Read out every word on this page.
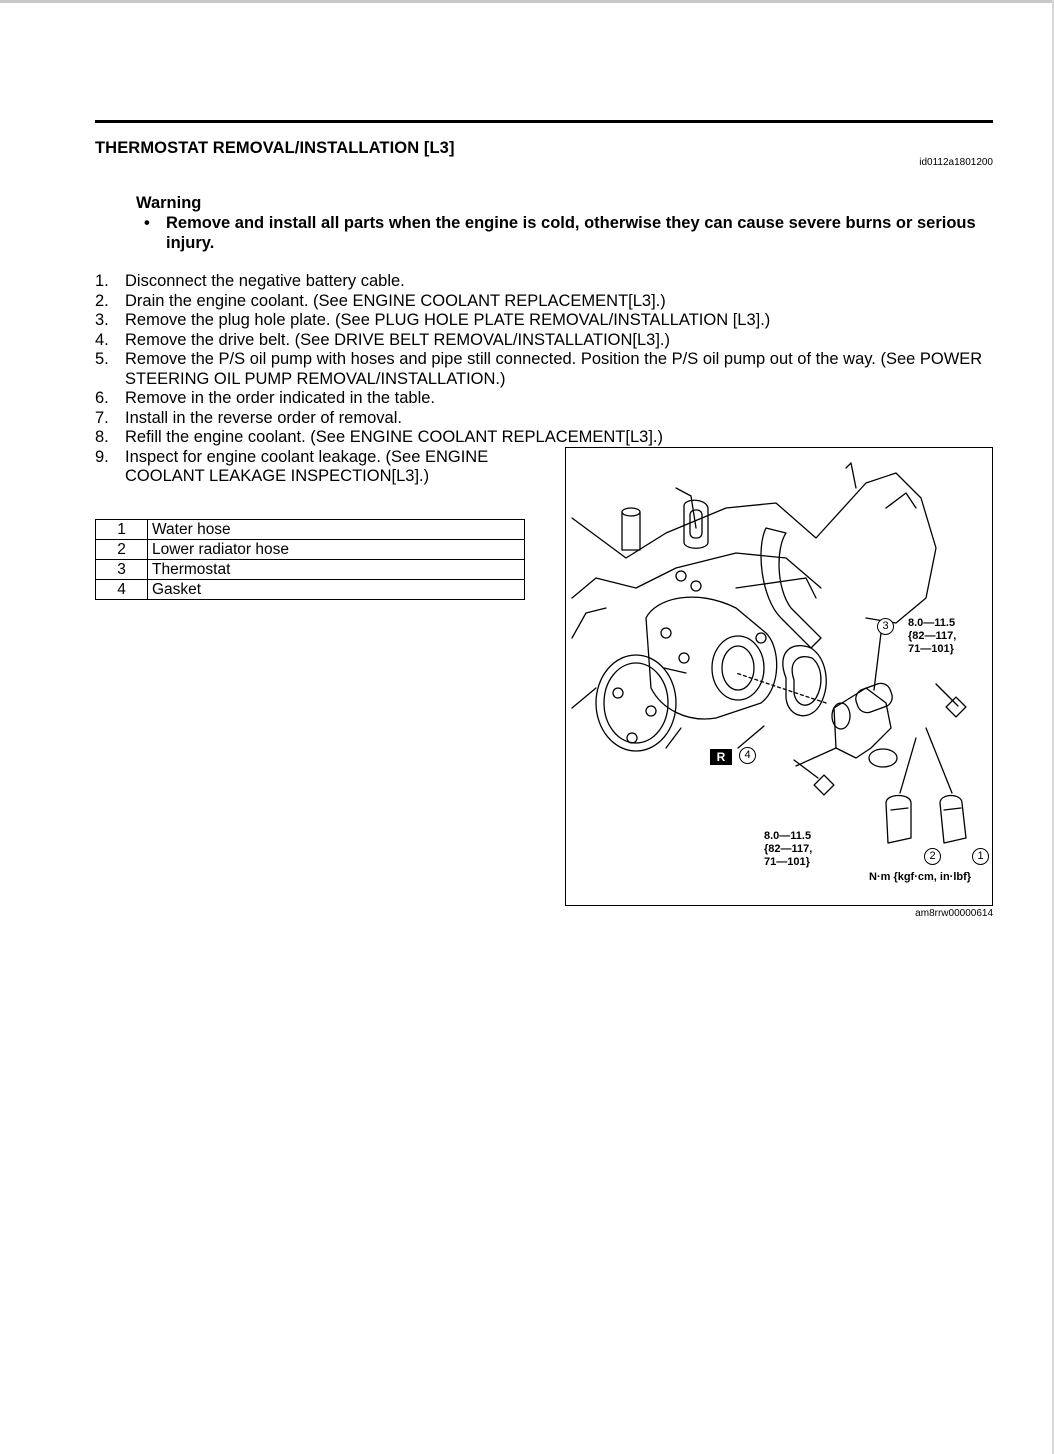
THERMOSTAT REMOVAL/INSTALLATION [L3]
id0112a1801200
Warning
• Remove and install all parts when the engine is cold, otherwise they can cause severe burns or serious injury.
1. Disconnect the negative battery cable.
2. Drain the engine coolant. (See ENGINE COOLANT REPLACEMENT[L3].)
3. Remove the plug hole plate. (See PLUG HOLE PLATE REMOVAL/INSTALLATION [L3].)
4. Remove the drive belt. (See DRIVE BELT REMOVAL/INSTALLATION[L3].)
5. Remove the P/S oil pump with hoses and pipe still connected. Position the P/S oil pump out of the way. (See POWER STEERING OIL PUMP REMOVAL/INSTALLATION.)
6. Remove in the order indicated in the table.
7. Install in the reverse order of removal.
8. Refill the engine coolant. (See ENGINE COOLANT REPLACEMENT[L3].)
9. Inspect for engine coolant leakage. (See ENGINE COOLANT LEAKAGE INSPECTION[L3].)
1	Water hose
2	Lower radiator hose
3	Thermostat
4	Gasket
3	8.0—11.5
{82—117,
71—101}
R	4
8.0—11.5
{82—117,
71—101}	2	1
N·m {kgf·cm, in·lbf}
am8rrw00000614
